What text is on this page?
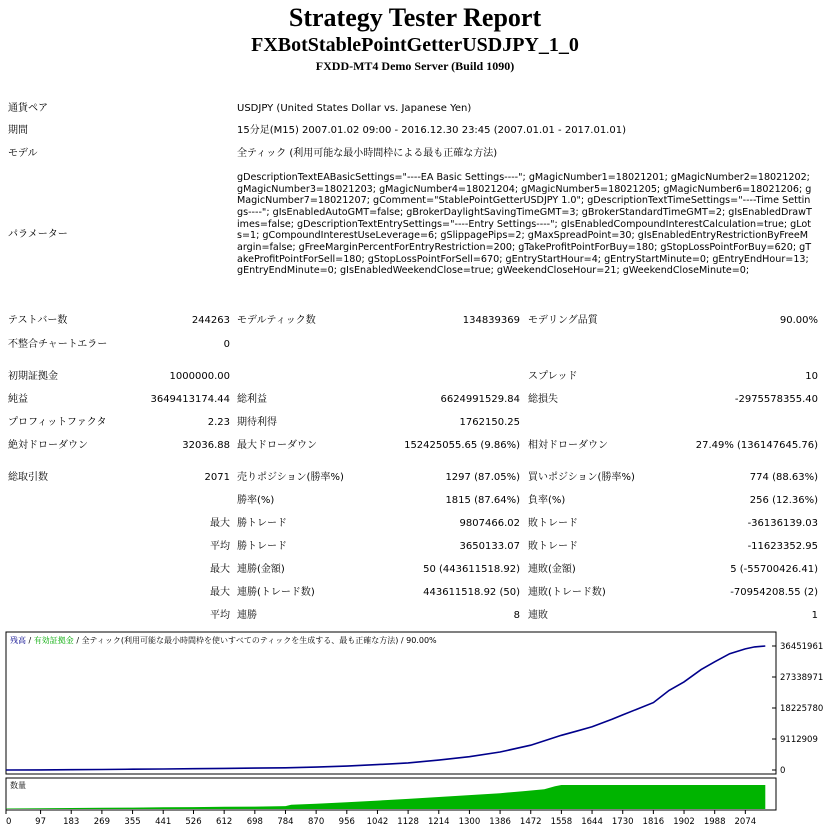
Strategy Tester Report
FXBotStablePointGetterUSDJPY_1_0
FXDD-MT4 Demo Server (Build 1090)
通貨ペア	USDJPY (United States Dollar vs. Japanese Yen)
期間	15分足(M15) 2007.01.02 09:00 - 2016.12.30 23:45 (2007.01.01 - 2017.01.01)
モデル	全ティック (利用可能な最小時間枠による最も正確な方法)
パラメーター
gDescriptionTextEABasicSettings="----EA Basic Settings----"; gMagicNumber1=18021201; gMagicNumber2=18021202; gMagicNumber3=18021203; gMagicNumber4=18021204; gMagicNumber5=18021205; gMagicNumber6=18021206; gMagicNumber7=18021207; gComment="StablePointGetterUSDJPY 1.0"; gDescriptionTextTimeSettings="----Time Settings----"; gIsEnabledAutoGMT=false; gBrokerDaylightSavingTimeGMT=3; gBrokerStandardTimeGMT=2; gIsEnabledDrawTimes=false; gDescriptionTextEntrySettings="----Entry Settings----"; gIsEnabledCompoundInterestCalculation=true; gLots=1; gCompoundInterestUseLeverage=6; gSlippagePips=2; gMaxSpreadPoint=30; gIsEnabledEntryRestrictionByFreeMargin=false; gFreeMarginPercentForEntryRestriction=200; gTakeProfitPointForBuy=180; gStopLossPointForBuy=620; gTakeProfitPointForSell=180; gStopLossPointForSell=670; gEntryStartHour=4; gEntryStartMinute=0; gEntryEndHour=13; gEntryEndMinute=0; gIsEnabledWeekendClose=true; gWeekendCloseHour=21; gWeekendCloseMinute=0;
テストバー数	244263 モデルティック数	134839369 モデリング品質	90.00%
不整合チャートエラー	0
初期証拠金	1000000.00	スプレッド	10
純益	3649413174.44 総利益	6624991529.84 総損失	-2975578355.40
プロフィットファクタ	2.23 期待利得	1762150.25
絶対ドローダウン	32036.88 最大ドローダウン	152425055.65 (9.86%) 相対ドローダウン	27.49% (136147645.76)
総取引数	2071 売りポジション(勝率%)	1297 (87.05%) 買いポジション(勝率%)	774 (88.63%)
勝率(%)	1815 (87.64%) 負率(%)	256 (12.36%)
最大 勝トレード	9807466.02 敗トレード	-36136139.03
平均 勝トレード	3650133.07 敗トレード	-11623352.95
最大 連勝(金額)	50 (443611518.92) 連敗(金額)	5 (-55700426.41)
最大 連勝(トレード数)	443611518.92 (50) 連敗(トレード数)	-70954208.55 (2)
平均 連勝	8 連敗	1
残高 / 有効証拠金 / 全ティック(利用可能な最小時間枠を使いすべてのティックを生成する、最も正確な方法) / 90.00%
0
9112909
18225780
27338971
36451961
数量
0	97 183 269 355 441 526 612 698 784 870 956 1042 1128 1214 1300 1386 1472 1558 1644 1730 1816 1902 1988 2074
